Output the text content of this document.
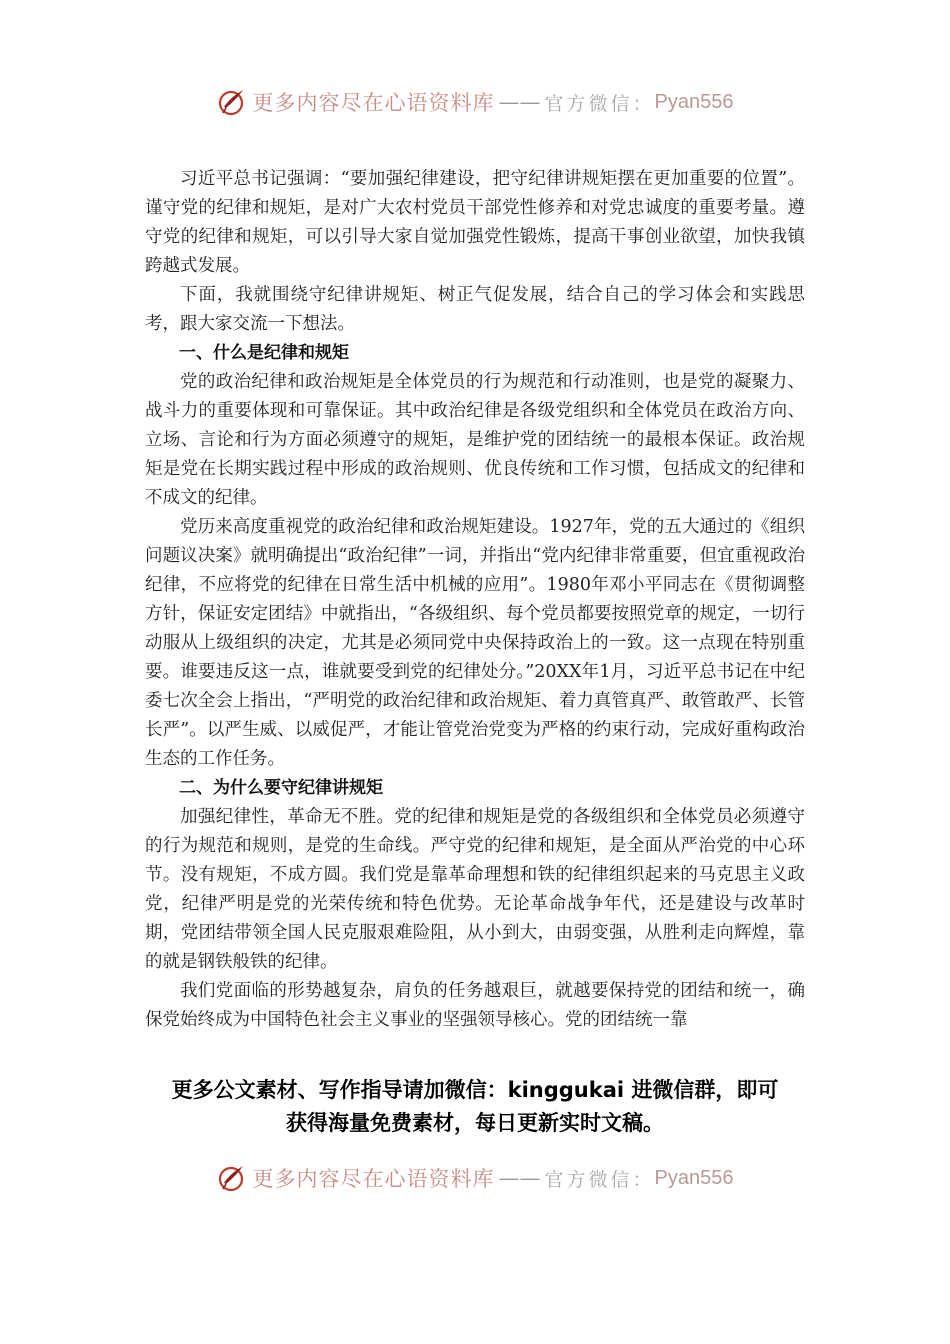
更多内容尽在心语资料库 —— 官方微信： Pyan556

习近平总书记强调：“要加强纪律建设，把守纪律讲规矩摆在更加重要的位置”。谨守党的纪律和规矩，是对广大农村党员干部党性修养和对党忠诚度的重要考量。遵守党的纪律和规矩，可以引导大家自觉加强党性锻炼，提高干事创业欲望，加快我镇跨越式发展。

下面，我就围绕守纪律讲规矩、树正气促发展，结合自己的学习体会和实践思考，跟大家交流一下想法。

一、什么是纪律和规矩

党的政治纪律和政治规矩是全体党员的行为规范和行动准则，也是党的凝聚力、战斗力的重要体现和可靠保证。其中政治纪律是各级党组织和全体党员在政治方向、立场、言论和行为方面必须遵守的规矩，是维护党的团结统一的最根本保证。政治规矩是党在长期实践过程中形成的政治规则、优良传统和工作习惯，包括成文的纪律和不成文的纪律。

党历来高度重视党的政治纪律和政治规矩建设。1927年，党的五大通过的《组织问题议决案》就明确提出“政治纪律”一词，并指出“党内纪律非常重要，但宜重视政治纪律，不应将党的纪律在日常生活中机械的应用”。1980年邓小平同志在《贯彻调整方针，保证安定团结》中就指出，“各级组织、每个党员都要按照党章的规定，一切行动服从上级组织的决定，尤其是必须同党中央保持政治上的一致。这一点现在特别重要。谁要违反这一点，谁就要受到党的纪律处分。”20XX年1月，习近平总书记在中纪委七次全会上指出，“严明党的政治纪律和政治规矩、着力真管真严、敢管敢严、长管长严”。以严生威、以威促严，才能让管党治党变为严格的约束行动，完成好重构政治生态的工作任务。

二、为什么要守纪律讲规矩

加强纪律性，革命无不胜。党的纪律和规矩是党的各级组织和全体党员必须遵守的行为规范和规则，是党的生命线。严守党的纪律和规矩，是全面从严治党的中心环节。没有规矩，不成方圆。我们党是靠革命理想和铁的纪律组织起来的马克思主义政党，纪律严明是党的光荣传统和特色优势。无论革命战争年代，还是建设与改革时期，党团结带领全国人民克服艰难险阻，从小到大，由弱变强，从胜利走向辉煌，靠的就是钢铁般铁的纪律。

我们党面临的形势越复杂，肩负的任务越艰巨，就越要保持党的团结和统一，确保党始终成为中国特色社会主义事业的坚强领导核心。党的团结统一靠

更多公文素材、写作指导请加微信：kinggukai 进微信群，即可
获得海量免费素材，每日更新实时文稿。
更多内容尽在心语资料库 —— 官方微信： Pyan556
